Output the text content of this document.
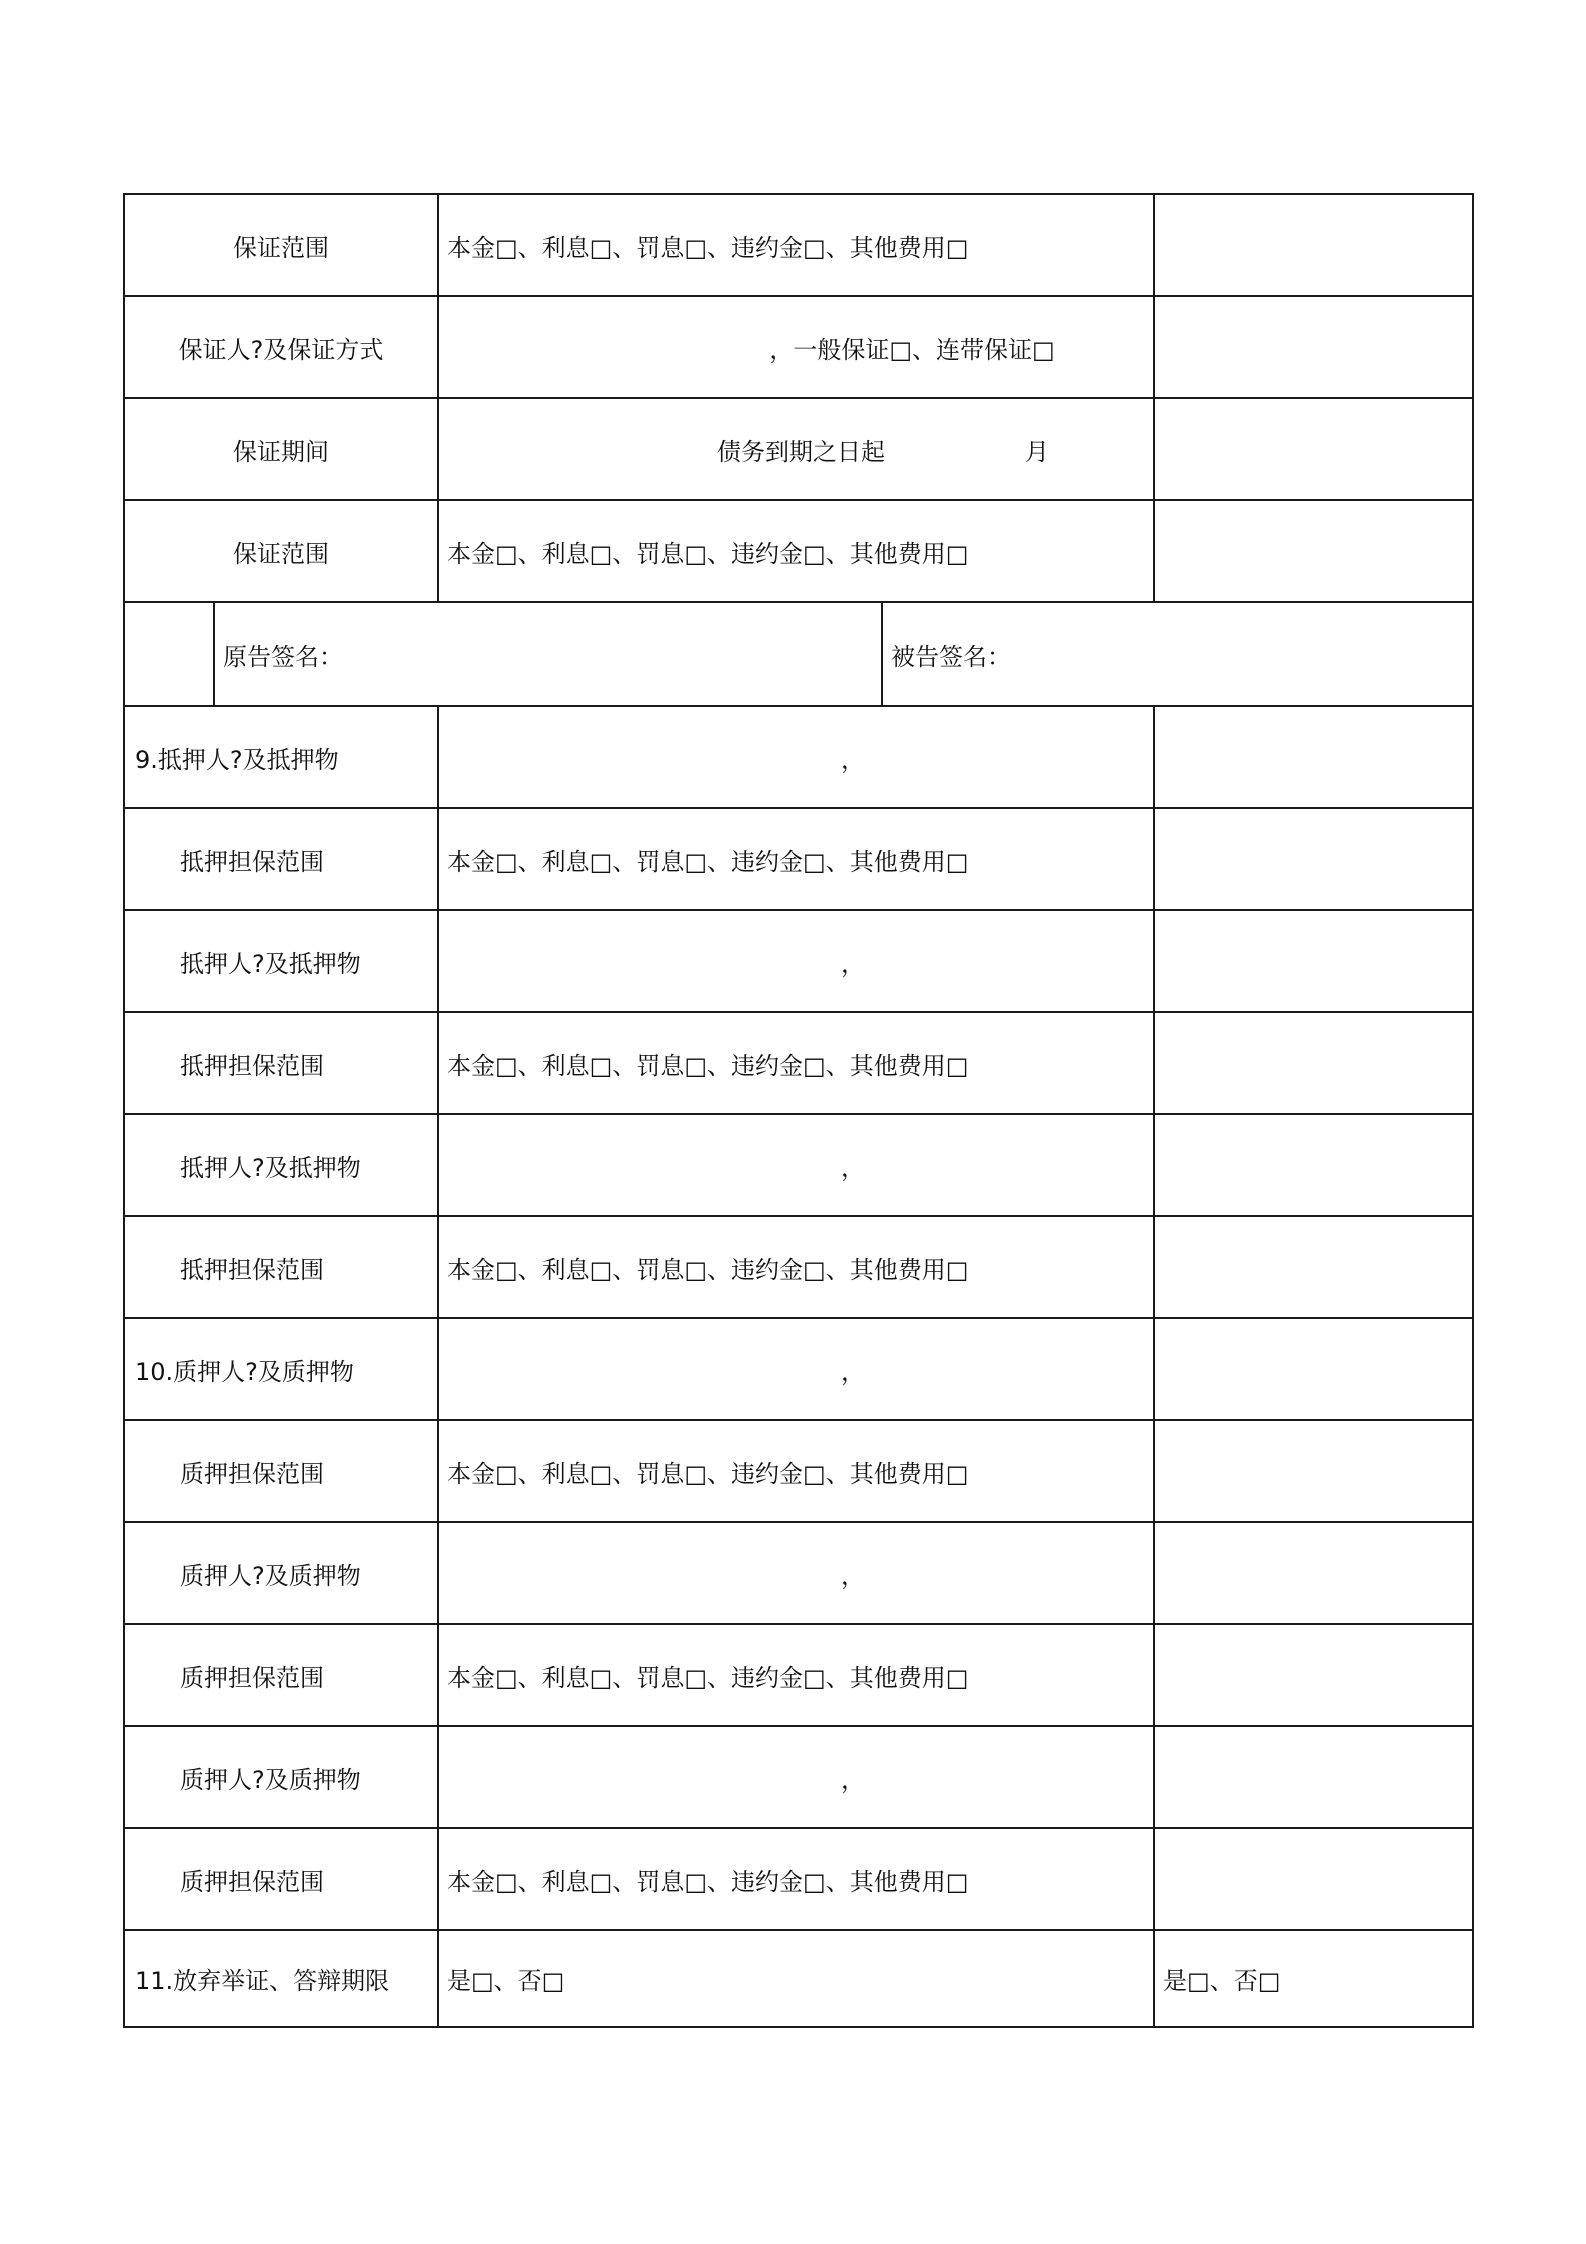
保证范围		本金□、利息□、罚息□、违约金□、其他费用□		
保证人?及保证方式		，一般保证□、连带保证□		
保证期间		债务到期之日起 月		
保证范围		本金□、利息□、罚息□、违约金□、其他费用□		
	原告签名：		被告签名：	
9.抵押人?及抵押物		，		
抵押担保范围		本金□、利息□、罚息□、违约金□、其他费用□		
抵押人?及抵押物		，		
抵押担保范围		本金□、利息□、罚息□、违约金□、其他费用□		
抵押人?及抵押物		，		
抵押担保范围		本金□、利息□、罚息□、违约金□、其他费用□		
10.质押人?及质押物		，		
质押担保范围		本金□、利息□、罚息□、违约金□、其他费用□		
质押人?及质押物		，		
质押担保范围		本金□、利息□、罚息□、违约金□、其他费用□		
质押人?及质押物		，		
质押担保范围		本金□、利息□、罚息□、违约金□、其他费用□		
11.放弃举证、答辩期限		是□、否□		是□、否□
